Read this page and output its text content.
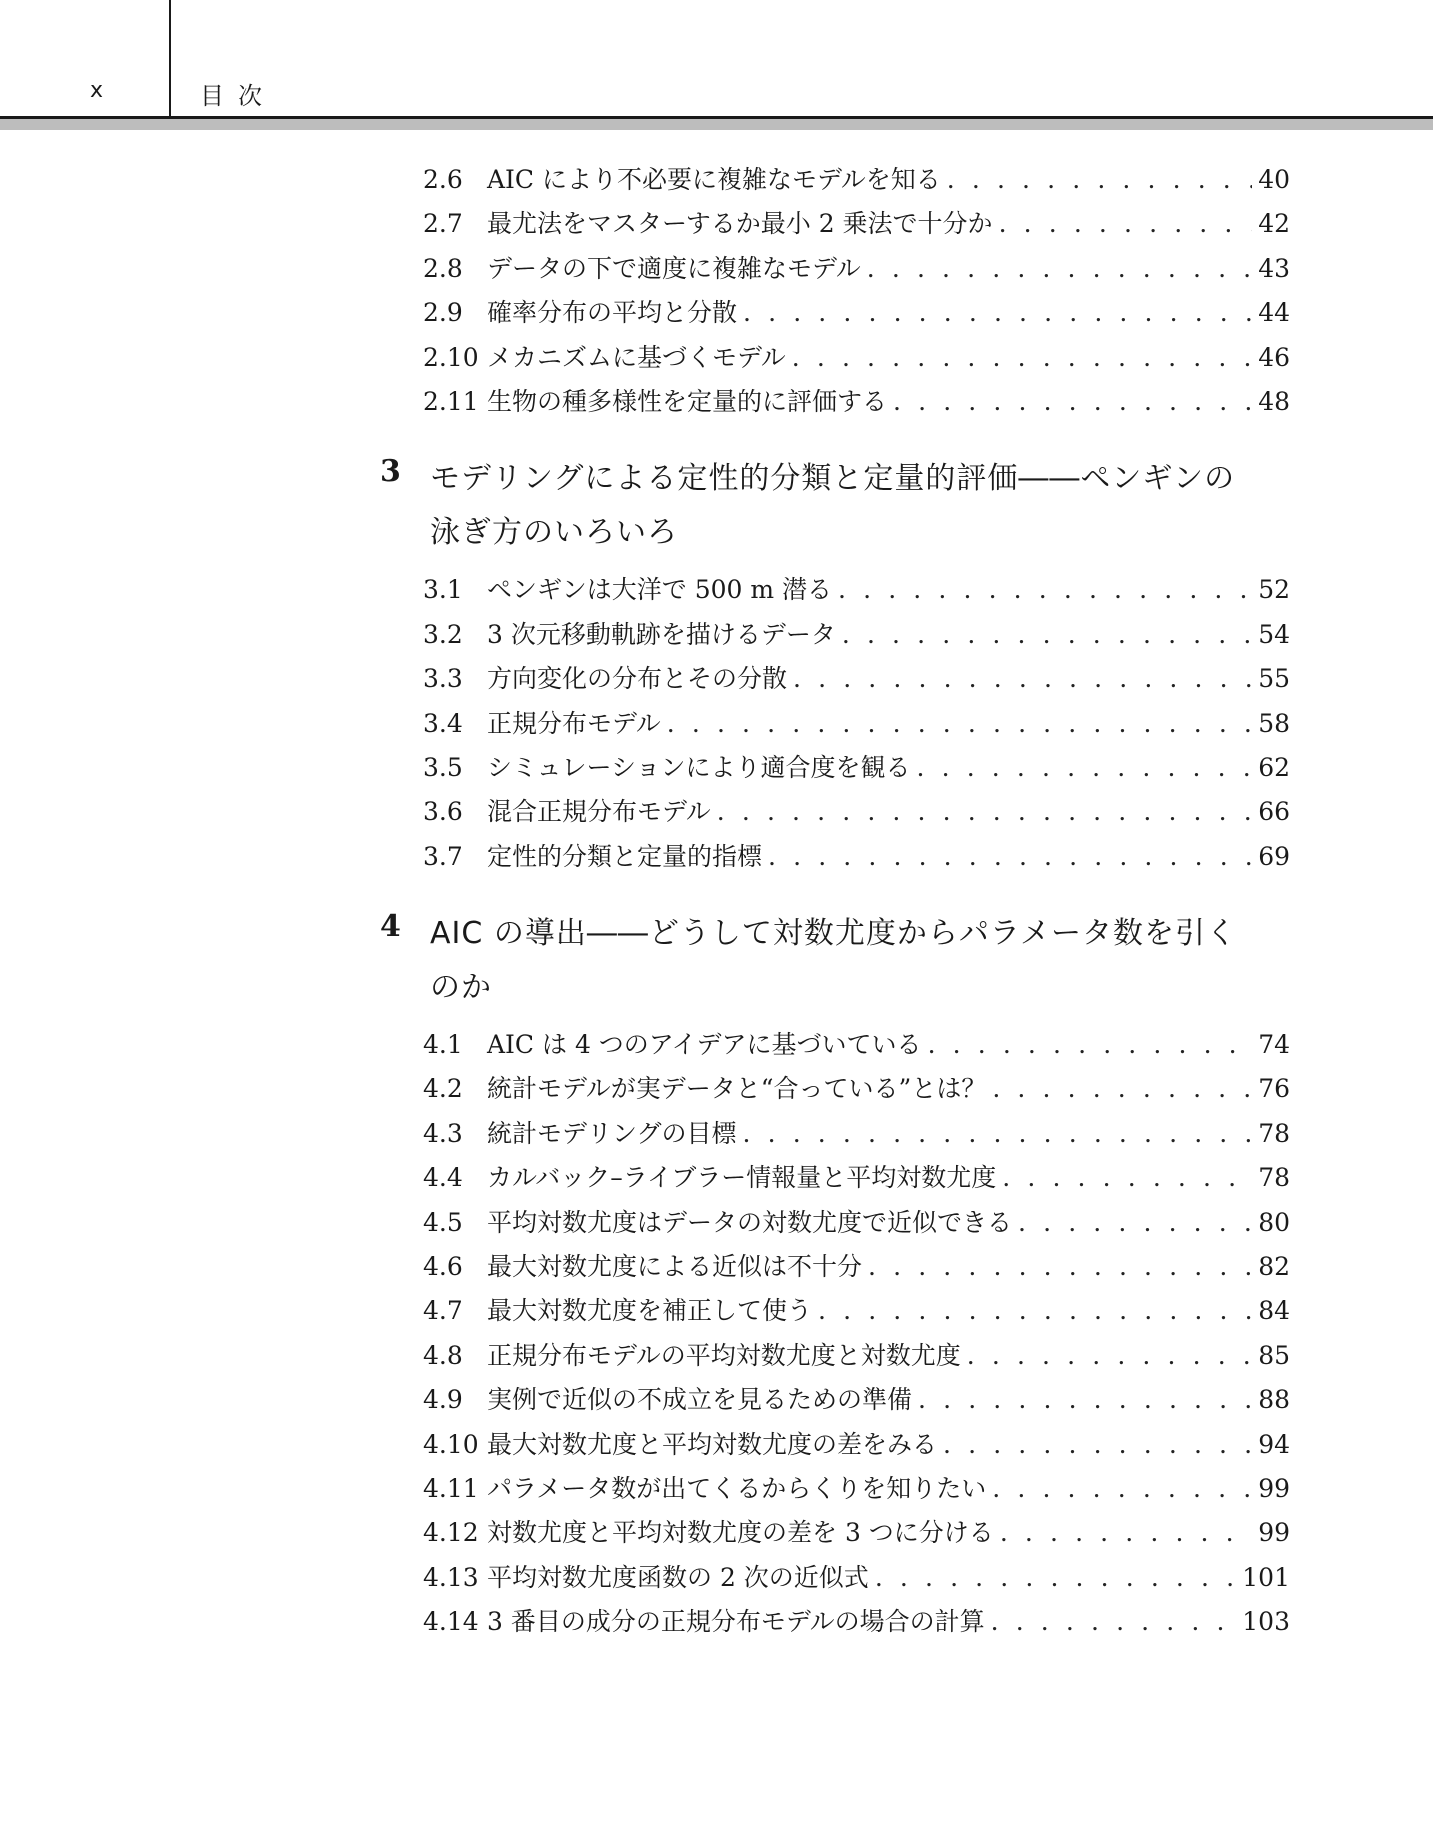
x	目次
2.6 AIC により不必要に複雑なモデルを知る . . .	40
2.7 最尤法をマスターするか最小 2 乗法で十分か . . .	42
2.8 データの下で適度に複雑なモデル . . .	43
2.9 確率分布の平均と分散 . . .	44
2.10 メカニズムに基づくモデル . . .	46
2.11 生物の種多様性を定量的に評価する . . .	48
3 モデリングによる定性的分類と定量的評価――ペンギンの泳ぎ方のいろいろ
3.1 ペンギンは大洋で 500 m 潜る . . .	52
3.2 3 次元移動軌跡を描けるデータ . . .	54
3.3 方向変化の分布とその分散 . . .	55
3.4 正規分布モデル . . .	58
3.5 シミュレーションにより適合度を観る . . .	62
3.6 混合正規分布モデル . . .	66
3.7 定性的分類と定量的指標 . . .	69
4 AIC の導出――どうして対数尤度からパラメータ数を引くのか
4.1 AIC は 4 つのアイデアに基づいている . . .	74
4.2 統計モデルが実データと“合っている”とは？ . . .	76
4.3 統計モデリングの目標 . . .	78
4.4 カルバック–ライブラー情報量と平均対数尤度 . . .	78
4.5 平均対数尤度はデータの対数尤度で近似できる . . .	80
4.6 最大対数尤度による近似は不十分 . . .	82
4.7 最大対数尤度を補正して使う . . .	84
4.8 正規分布モデルの平均対数尤度と対数尤度 . . .	85
4.9 実例で近似の不成立を見るための準備 . . .	88
4.10 最大対数尤度と平均対数尤度の差をみる . . .	94
4.11 パラメータ数が出てくるからくりを知りたい . . .	99
4.12 対数尤度と平均対数尤度の差を 3 つに分ける . . .	99
4.13 平均対数尤度函数の 2 次の近似式 . . .	101
4.14 3 番目の成分の正規分布モデルの場合の計算 . . .	103
